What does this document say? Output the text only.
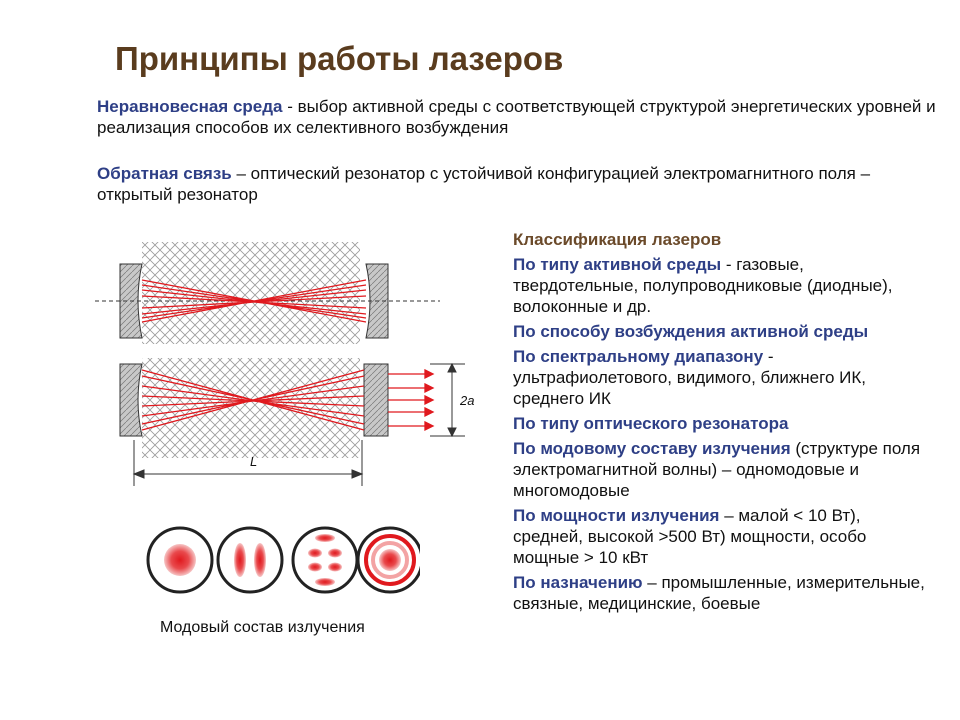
Принципы работы лазеров

Неравновесная среда - выбор активной среды с соответствующей структурой энергетических уровней и реализация способов их селективного возбуждения

Обратная связь – оптический резонатор с устойчивой конфигурацией электромагнитного поля – открытый резонатор

Классификация лазеров
По типу активной среды - газовые, твердотельные, полупроводниковые (диодные), волоконные и др.
По способу возбуждения активной среды
По спектральному диапазону - ультрафиолетового, видимого, ближнего ИК, среднего ИК
По типу оптического резонатора
По модовому составу излучения (структуре поля электромагнитной волны) – одномодовые и многомодовые
По мощности излучения – малой < 10 Вт), средней, высокой >500 Вт) мощности, особо мощные > 10 кВт
По назначению – промышленные, измерительные, связные, медицинские, боевые
2a
L
Модовый состав излучения
